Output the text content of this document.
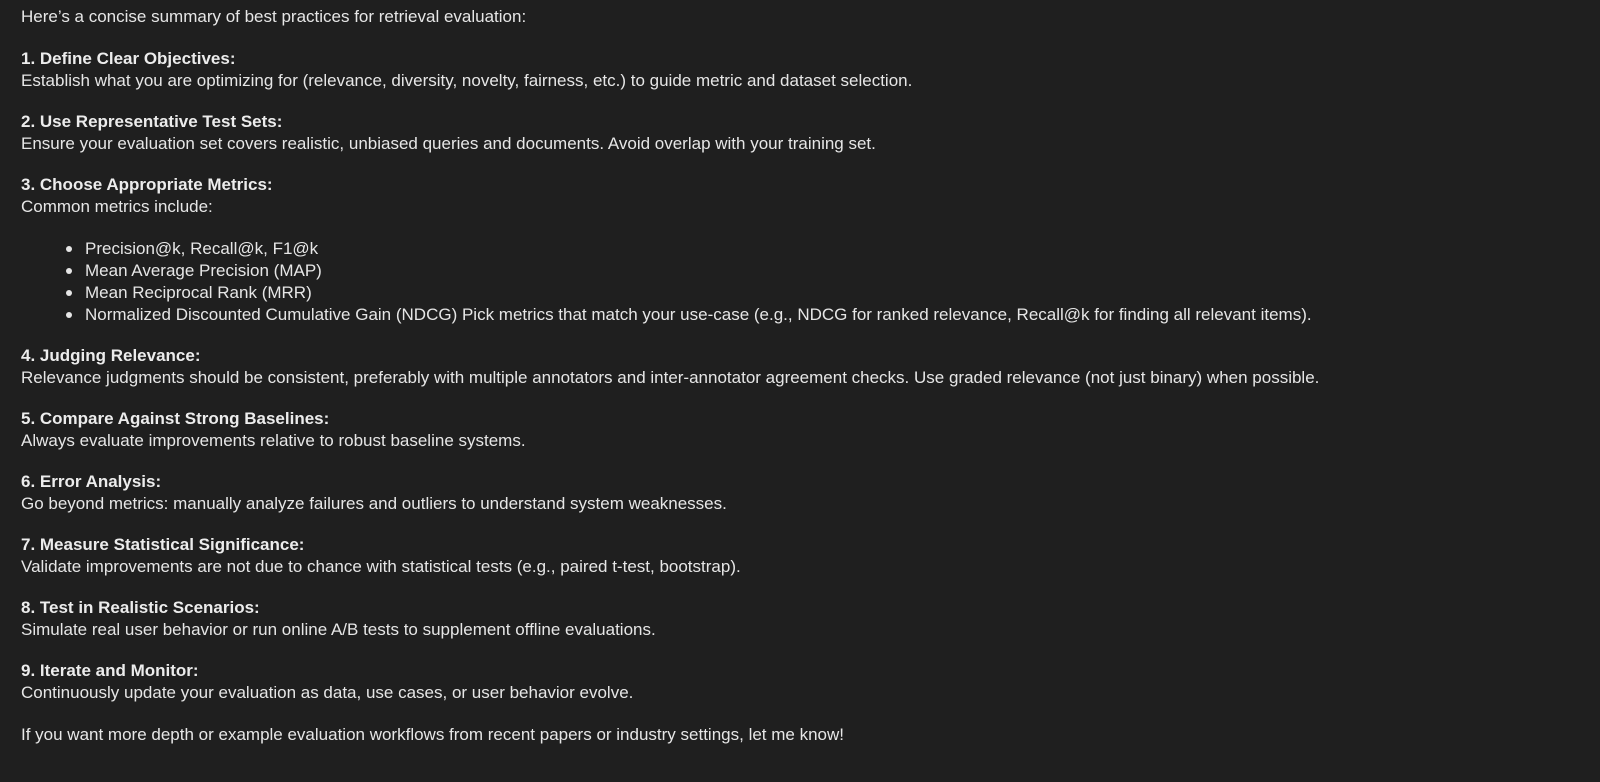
Here’s a concise summary of best practices for retrieval evaluation:

1. Define Clear Objectives:
Establish what you are optimizing for (relevance, diversity, novelty, fairness, etc.) to guide metric and dataset selection.
2. Use Representative Test Sets:
Ensure your evaluation set covers realistic, unbiased queries and documents. Avoid overlap with your training set.
3. Choose Appropriate Metrics:
Common metrics include:
Precision@k, Recall@k, F1@k
Mean Average Precision (MAP)
Mean Reciprocal Rank (MRR)
Normalized Discounted Cumulative Gain (NDCG) Pick metrics that match your use-case (e.g., NDCG for ranked relevance, Recall@k for finding all relevant items).
4. Judging Relevance:
Relevance judgments should be consistent, preferably with multiple annotators and inter-annotator agreement checks. Use graded relevance (not just binary) when possible.
5. Compare Against Strong Baselines:
Always evaluate improvements relative to robust baseline systems.
6. Error Analysis:
Go beyond metrics: manually analyze failures and outliers to understand system weaknesses.
7. Measure Statistical Significance:
Validate improvements are not due to chance with statistical tests (e.g., paired t-test, bootstrap).
8. Test in Realistic Scenarios:
Simulate real user behavior or run online A/B tests to supplement offline evaluations.
9. Iterate and Monitor:
Continuously update your evaluation as data, use cases, or user behavior evolve.

If you want more depth or example evaluation workflows from recent papers or industry settings, let me know!
